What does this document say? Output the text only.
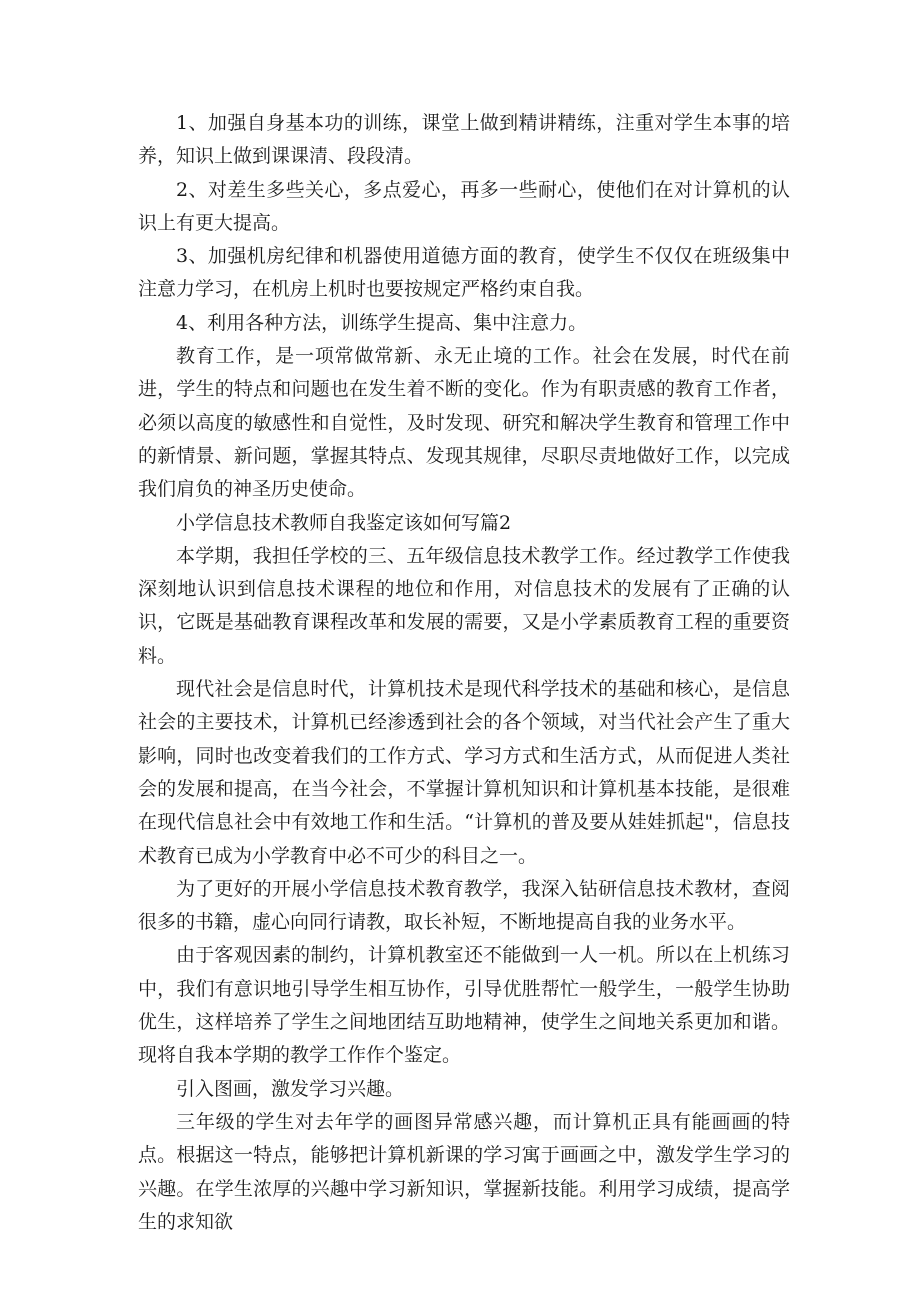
1、加强自身基本功的训练，课堂上做到精讲精练，注重对学生本事的培养，知识上做到课课清、段段清。

2、对差生多些关心，多点爱心，再多一些耐心，使他们在对计算机的认识上有更大提高。

3、加强机房纪律和机器使用道德方面的教育，使学生不仅仅在班级集中注意力学习，在机房上机时也要按规定严格约束自我。

4、利用各种方法，训练学生提高、集中注意力。

教育工作，是一项常做常新、永无止境的工作。社会在发展，时代在前进，学生的特点和问题也在发生着不断的变化。作为有职责感的教育工作者，必须以高度的敏感性和自觉性，及时发现、研究和解决学生教育和管理工作中的新情景、新问题，掌握其特点、发现其规律，尽职尽责地做好工作，以完成我们肩负的神圣历史使命。

小学信息技术教师自我鉴定该如何写篇2

本学期，我担任学校的三、五年级信息技术教学工作。经过教学工作使我深刻地认识到信息技术课程的地位和作用，对信息技术的发展有了正确的认识，它既是基础教育课程改革和发展的需要，又是小学素质教育工程的重要资料。

现代社会是信息时代，计算机技术是现代科学技术的基础和核心，是信息社会的主要技术，计算机已经渗透到社会的各个领域，对当代社会产生了重大影响，同时也改变着我们的工作方式、学习方式和生活方式，从而促进人类社会的发展和提高，在当今社会，不掌握计算机知识和计算机基本技能，是很难在现代信息社会中有效地工作和生活。“计算机的普及要从娃娃抓起"，信息技术教育已成为小学教育中必不可少的科目之一。

为了更好的开展小学信息技术教育教学，我深入钻研信息技术教材，查阅很多的书籍，虚心向同行请教，取长补短，不断地提高自我的业务水平。

由于客观因素的制约，计算机教室还不能做到一人一机。所以在上机练习中，我们有意识地引导学生相互协作，引导优胜帮忙一般学生，一般学生协助优生，这样培养了学生之间地团结互助地精神，使学生之间地关系更加和谐。现将自我本学期的教学工作作个鉴定。

引入图画，激发学习兴趣。

三年级的学生对去年学的画图异常感兴趣，而计算机正具有能画画的特点。根据这一特点，能够把计算机新课的学习寓于画画之中，激发学生学习的兴趣。在学生浓厚的兴趣中学习新知识，掌握新技能。利用学习成绩，提高学生的求知欲
